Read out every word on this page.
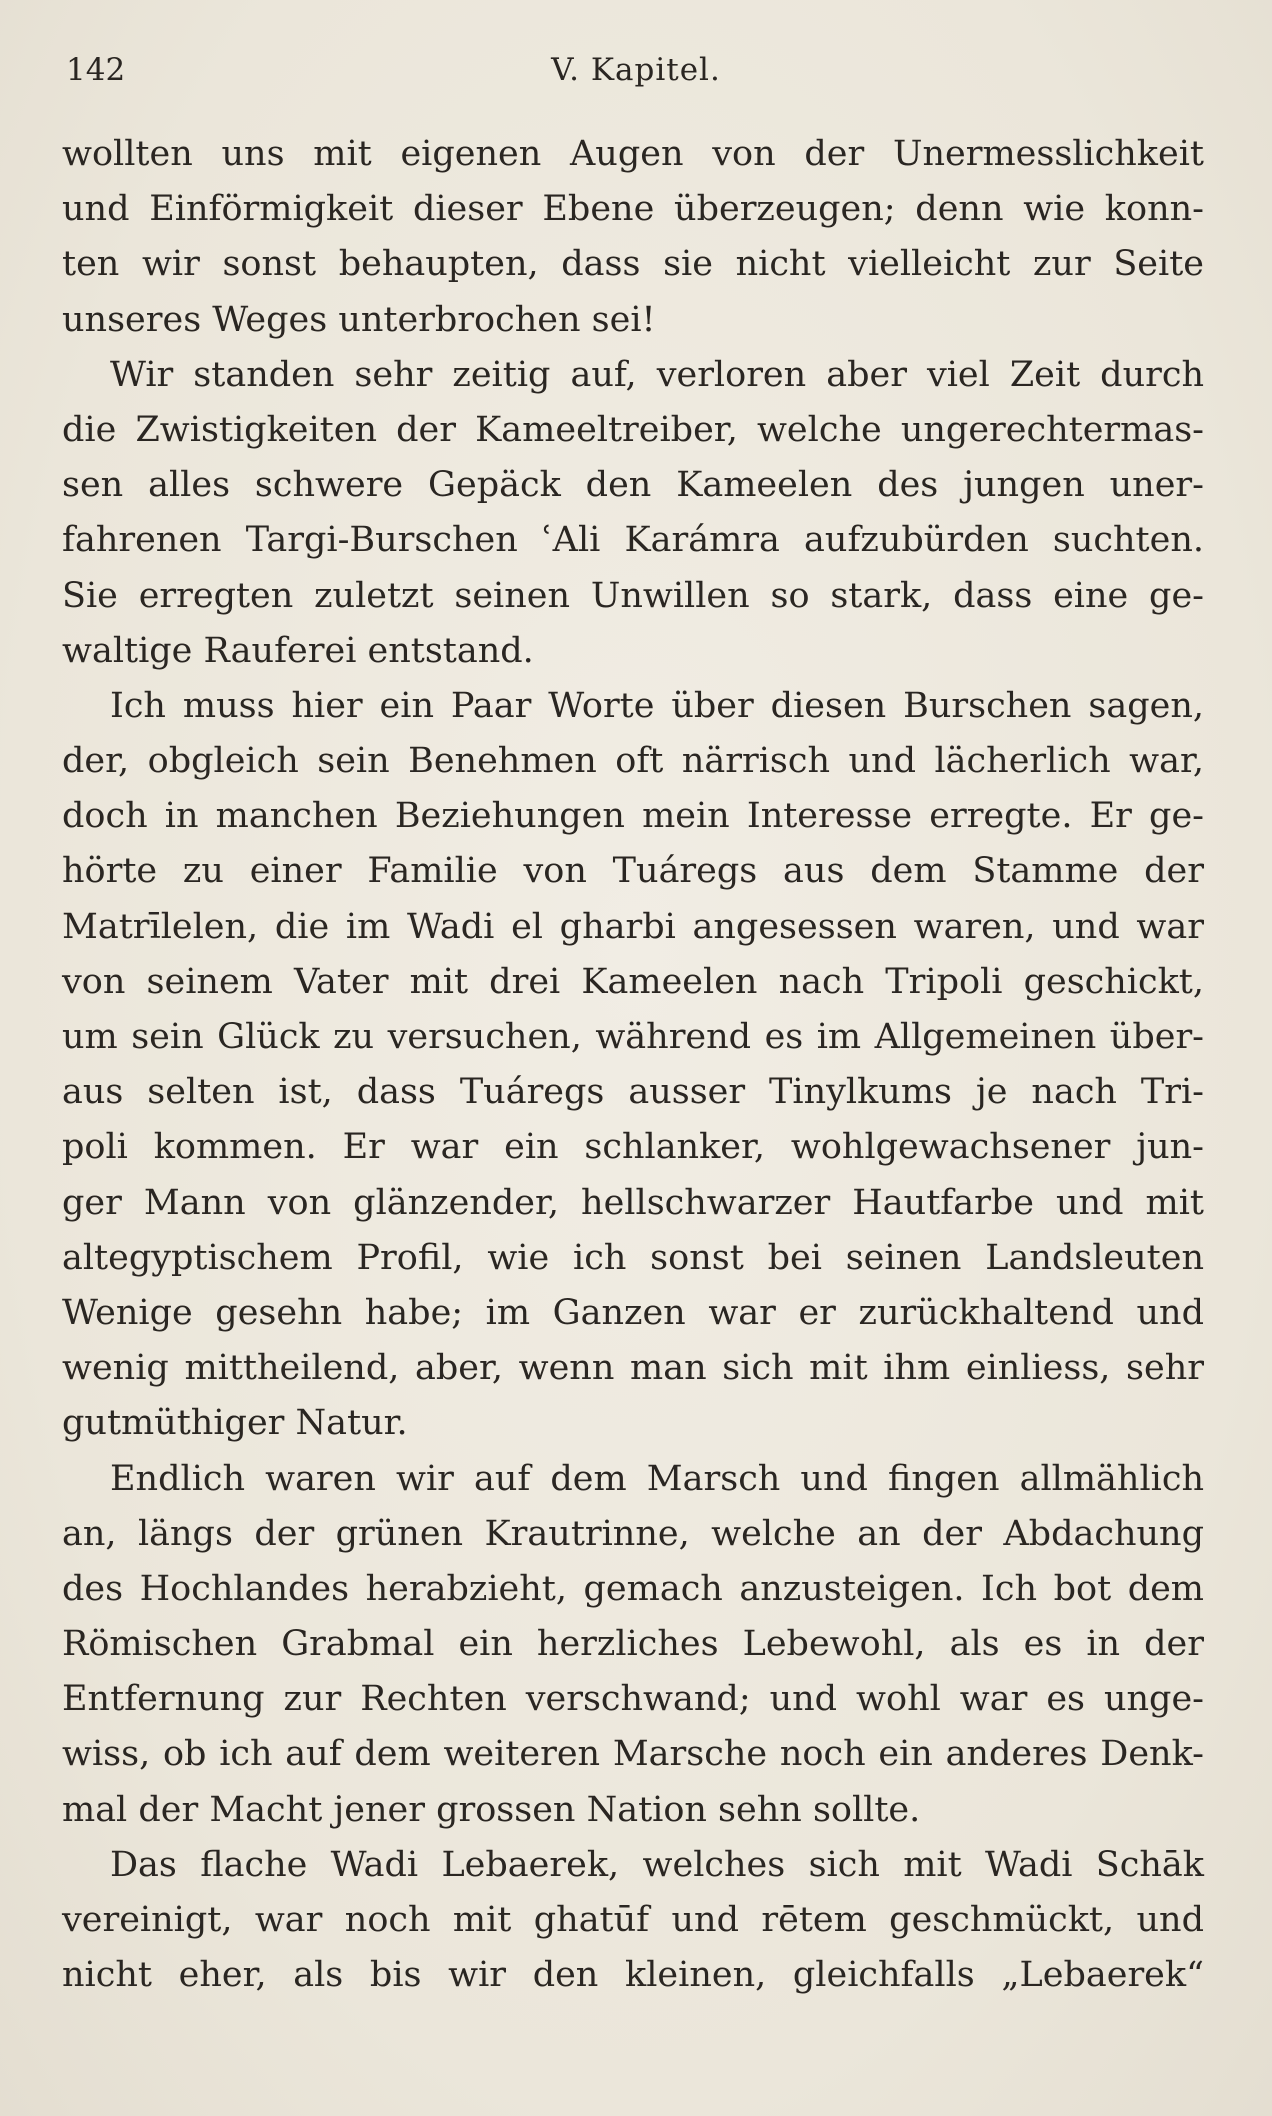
142	V. Kapitel.
wollten uns mit eigenen Augen von der Unermesslichkeit
und Einförmigkeit dieser Ebene überzeugen; denn wie konn-
ten wir sonst behaupten, dass sie nicht vielleicht zur Seite
unseres Weges unterbrochen sei!
Wir standen sehr zeitig auf, verloren aber viel Zeit durch
die Zwistigkeiten der Kameeltreiber, welche ungerechtermas-
sen alles schwere Gepäck den Kameelen des jungen uner-
fahrenen Targi-Burschen ʿAli Karámra aufzubürden suchten.
Sie erregten zuletzt seinen Unwillen so stark, dass eine ge-
waltige Rauferei entstand.
Ich muss hier ein Paar Worte über diesen Burschen sagen,
der, obgleich sein Benehmen oft närrisch und lächerlich war,
doch in manchen Beziehungen mein Interesse erregte. Er ge-
hörte zu einer Familie von Tuáregs aus dem Stamme der
Matrīlelen, die im Wadi el gharbi angesessen waren, und war
von seinem Vater mit drei Kameelen nach Tripoli geschickt,
um sein Glück zu versuchen, während es im Allgemeinen über-
aus selten ist, dass Tuáregs ausser Tinylkums je nach Tri-
poli kommen. Er war ein schlanker, wohlgewachsener jun-
ger Mann von glänzender, hellschwarzer Hautfarbe und mit
altegyptischem Profil, wie ich sonst bei seinen Landsleuten
Wenige gesehn habe; im Ganzen war er zurückhaltend und
wenig mittheilend, aber, wenn man sich mit ihm einliess, sehr
gutmüthiger Natur.
Endlich waren wir auf dem Marsch und fingen allmählich
an, längs der grünen Krautrinne, welche an der Abdachung
des Hochlandes herabzieht, gemach anzusteigen. Ich bot dem
Römischen Grabmal ein herzliches Lebewohl, als es in der
Entfernung zur Rechten verschwand; und wohl war es unge-
wiss, ob ich auf dem weiteren Marsche noch ein anderes Denk-
mal der Macht jener grossen Nation sehn sollte.
Das flache Wadi Lebaerek, welches sich mit Wadi Schāk
vereinigt, war noch mit ghatūf und rētem geschmückt, und
nicht eher, als bis wir den kleinen, gleichfalls „Lebaerek“
